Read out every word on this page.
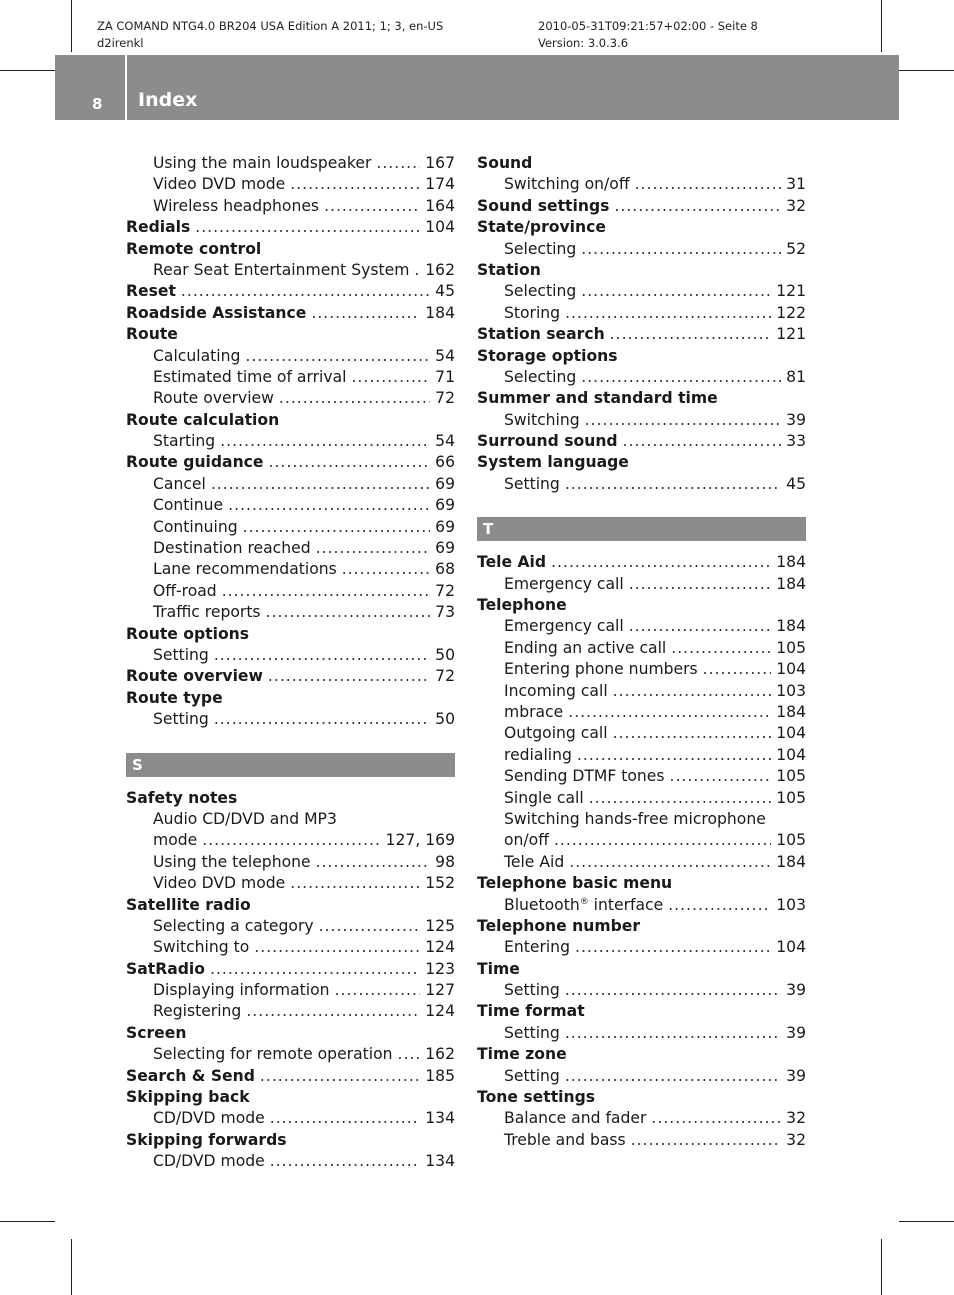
ZA COMAND NTG4.0 BR204 USA Edition A 2011; 1; 3, en-US
d2irenkl
2010-05-31T09:21:57+02:00 - Seite 8
Version: 3.0.3.6
8 Index
Using the main loudspeaker .....	167
Video DVD mode .....	174
Wireless headphones .....	164
Redials .....	104
Remote control
Rear Seat Entertainment System ..... 162
Reset .....	45
Roadside Assistance .....	184
Route
Calculating .....	54
Estimated time of arrival .....	71
Route overview .....	72
Route calculation
Starting .....	54
Route guidance .....	66
Cancel .....	69
Continue .....	69
Continuing .....	69
Destination reached .....	69
Lane recommendations .....	68
Off-road .....	72
Traffic reports .....	73
Route options
Setting .....	50
Route overview .....	72
Route type
Setting .....	50
S
Safety notes
Audio CD/DVD and MP3
mode .....	127, 169
Using the telephone .....	98
Video DVD mode .....	152
Satellite radio
Selecting a category .....	125
Switching to .....	124
SatRadio .....	123
Displaying information .....	127
Registering .....	124
Screen
Selecting for remote operation ..... 162
Search & Send .....	185
Skipping back
CD/DVD mode .....	134
Skipping forwards
CD/DVD mode .....	134
Sound
Switching on/off .....	31
Sound settings .....	32
State/province
Selecting .....	52
Station
Selecting .....	121
Storing .....	122
Station search .....	121
Storage options
Selecting .....	81
Summer and standard time
Switching .....	39
Surround sound .....	33
System language
Setting .....	45
T
Tele Aid .....	184
Emergency call .....	184
Telephone
Emergency call .....	184
Ending an active call .....	105
Entering phone numbers .....	104
Incoming call .....	103
mbrace .....	184
Outgoing call .....	104
redialing .....	104
Sending DTMF tones .....	105
Single call .....	105
Switching hands-free microphone
on/off .....	105
Tele Aid .....	184
Telephone basic menu
Bluetooth® interface .....	103
Telephone number
Entering .....	104
Time
Setting .....	39
Time format
Setting .....	39
Time zone
Setting .....	39
Tone settings
Balance and fader .....	32
Treble and bass .....	32
